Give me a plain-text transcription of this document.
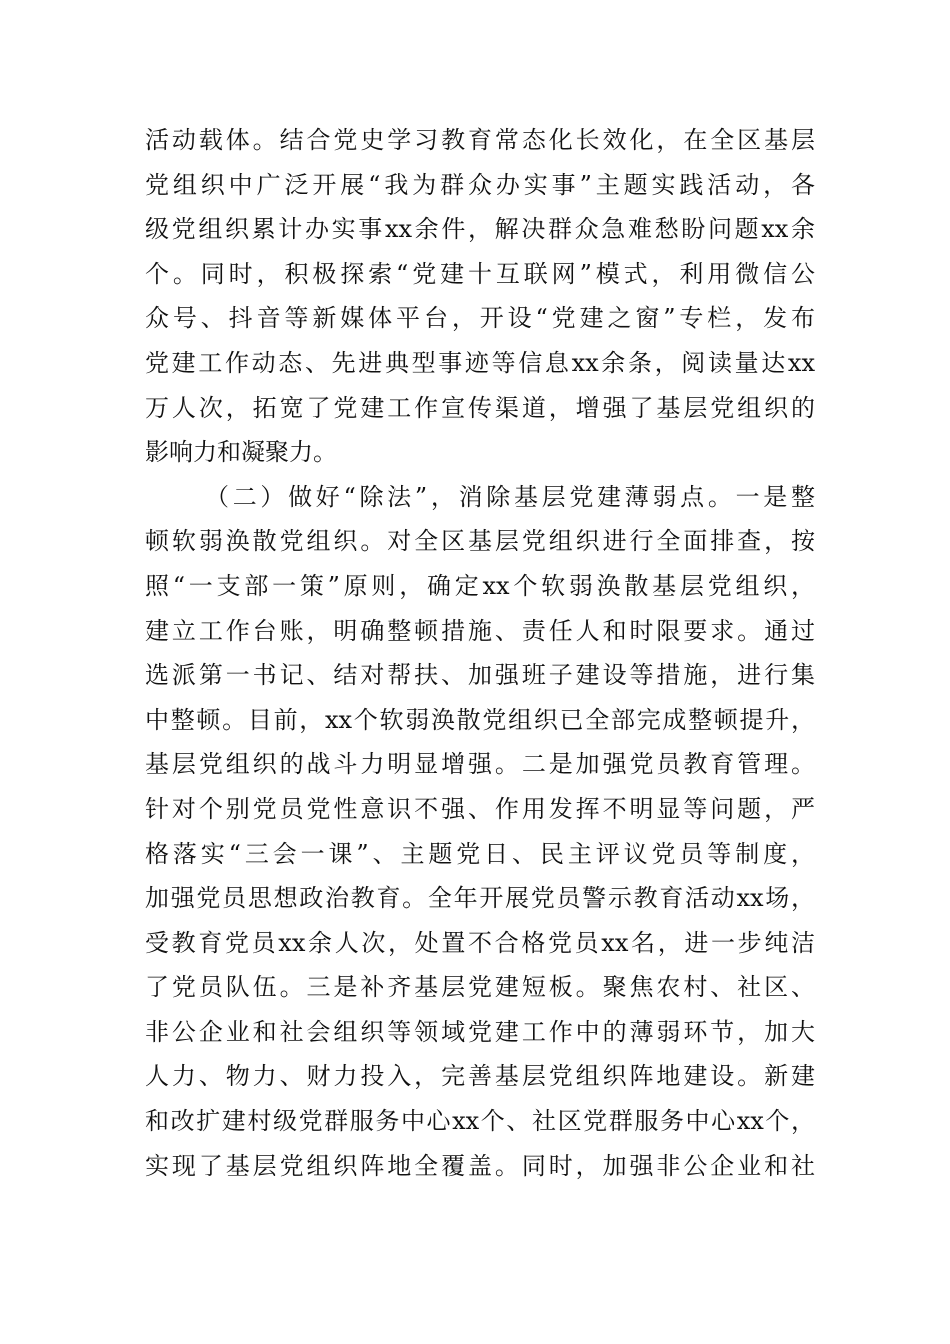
活动载体。结合党史学习教育常态化长效化，在全区基层
党组织中广泛开展“我为群众办实事”主题实践活动，各
级党组织累计办实事xx余件，解决群众急难愁盼问题xx余
个。同时，积极探索“党建十互联网”模式，利用微信公
众号、抖音等新媒体平台，开设“党建之窗”专栏，发布
党建工作动态、先进典型事迹等信息xx余条，阅读量达xx
万人次，拓宽了党建工作宣传渠道，增强了基层党组织的
影响力和凝聚力。
（二）做好“除法”，消除基层党建薄弱点。一是整
顿软弱涣散党组织。对全区基层党组织进行全面排查，按
照“一支部一策”原则，确定xx个软弱涣散基层党组织，
建立工作台账，明确整顿措施、责任人和时限要求。通过
选派第一书记、结对帮扶、加强班子建设等措施，进行集
中整顿。目前，xx个软弱涣散党组织已全部完成整顿提升，
基层党组织的战斗力明显增强。二是加强党员教育管理。
针对个别党员党性意识不强、作用发挥不明显等问题，严
格落实“三会一课”、主题党日、民主评议党员等制度，
加强党员思想政治教育。全年开展党员警示教育活动xx场，
受教育党员xx余人次，处置不合格党员xx名，进一步纯洁
了党员队伍。三是补齐基层党建短板。聚焦农村、社区、
非公企业和社会组织等领域党建工作中的薄弱环节，加大
人力、物力、财力投入，完善基层党组织阵地建设。新建
和改扩建村级党群服务中心xx个、社区党群服务中心xx个，
实现了基层党组织阵地全覆盖。同时，加强非公企业和社
